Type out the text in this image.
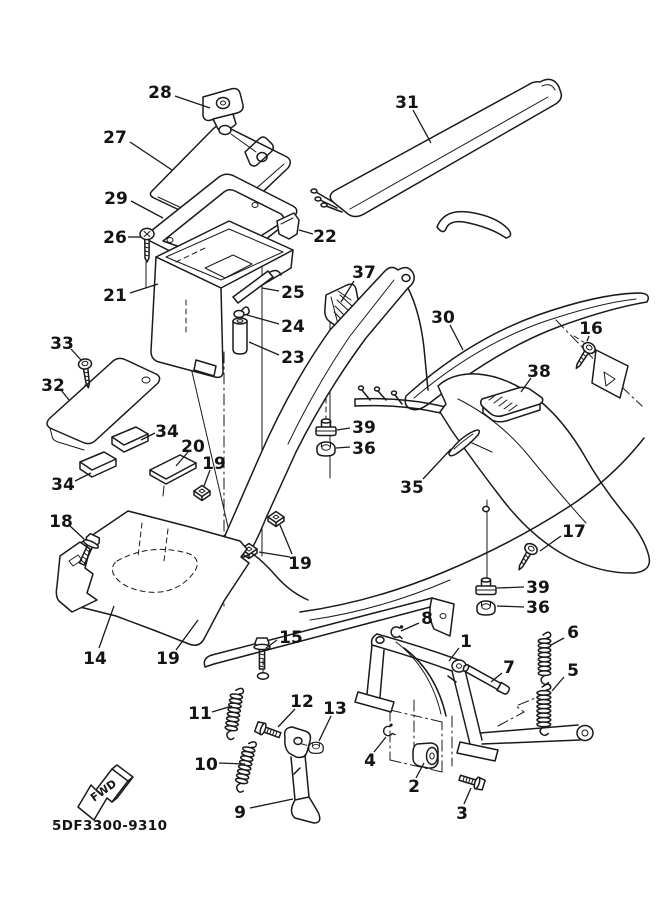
28
27
29
26
21
22
25
24
23
37
31
30
16
38
35
39
36
33
32
34
20
19
34
18	17
39
36
19
14	19
15
11
12 13
10
9
8
1	6
5
7
4
2
3
FWD
5DF3300-9310
